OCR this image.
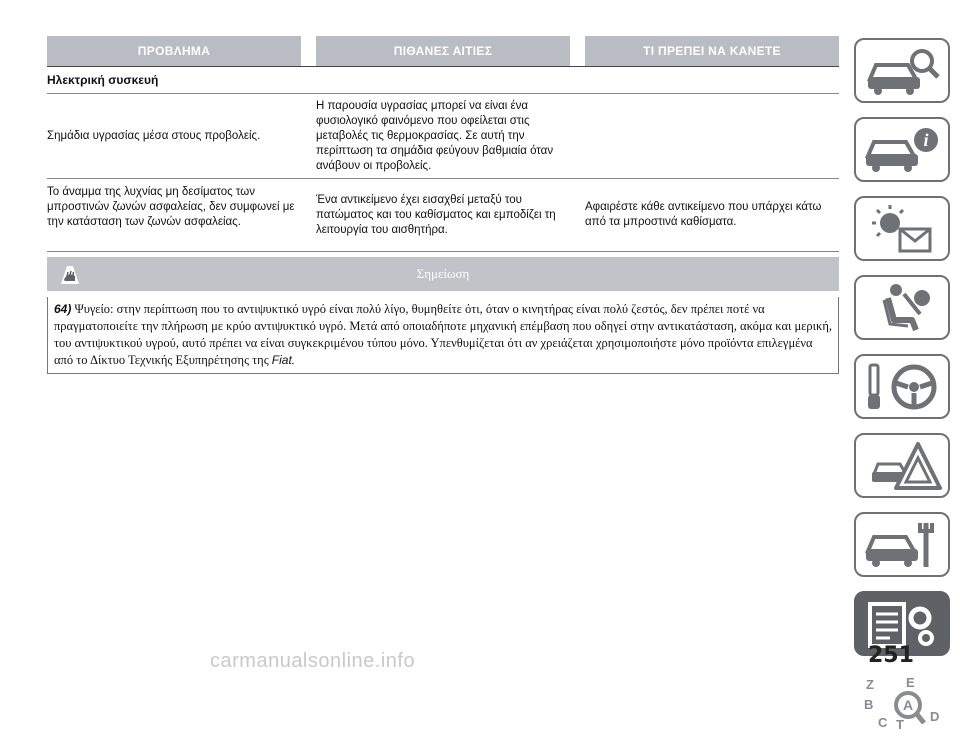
ΠΡΟΒΛΗΜΑ	ΠΙΘΑΝΕΣ ΑΙΤΙΕΣ	ΤΙ ΠΡΕΠΕΙ ΝΑ ΚΑΝΕΤΕ
Ηλεκτρική συσκευή
Σημάδια υγρασίας μέσα στους προβολείς.
Η παρουσία υγρασίας μπορεί να είναι ένα φυσιολογικό φαινόμενο που οφείλεται στις μεταβολές τις θερμοκρασίας. Σε αυτή την περίπτωση τα σημάδια φεύγουν βαθμιαία όταν ανάβουν οι προβολείς.
Το άναμμα της λυχνίας μη δεσίματος των μπροστινών ζωνών ασφαλείας, δεν συμφωνεί με την κατάσταση των ζωνών ασφαλείας.
Ένα αντικείμενο έχει εισαχθεί μεταξύ του πατώματος και του καθίσματος και εμποδίζει τη λειτουργία του αισθητήρα.
Αφαιρέστε κάθε αντικείμενο που υπάρχει κάτω από τα μπροστινά καθίσματα.
Σημείωση
64) Ψυγείο: στην περίπτωση που το αντιψυκτικό υγρό είναι πολύ λίγο, θυμηθείτε ότι, όταν ο κινητήρας είναι πολύ ζεστός, δεν πρέπει ποτέ να πραγματοποιείτε την πλήρωση με κρύο αντιψυκτικό υγρό. Μετά από οποιαδήποτε μηχανική επέμβαση που οδηγεί στην αντικατάσταση, ακόμα και μερική, του αντιψυκτικού υγρού, αυτό πρέπει να είναι συγκεκριμένου τύπου μόνο. Υπενθυμίζεται ότι αν χρειάζεται χρησιμοποιήστε μόνο προϊόντα επιλεγμένα από το Δίκτυο Τεχνικής Εξυπηρέτησης της Fiat.
i
Z E
B
D
C T
A
251
carmanualsonline.info
